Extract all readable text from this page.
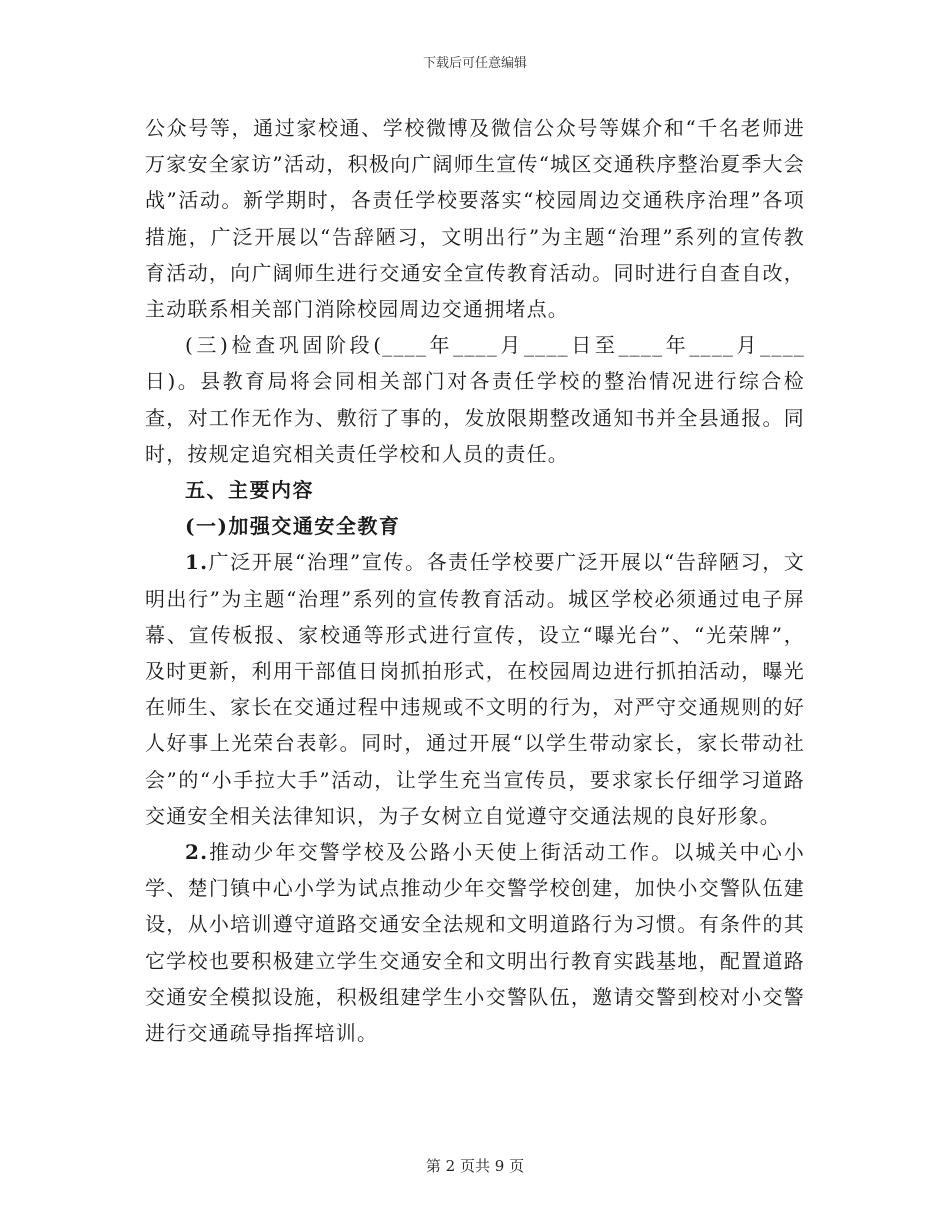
下载后可任意编辑

公众号等，通过家校通、学校微博及微信公众号等媒介和“千名老师进万家安全家访”活动，积极向广阔师生宣传“城区交通秩序整治夏季大会战”活动。新学期时，各责任学校要落实“校园周边交通秩序治理”各项措施，广泛开展以“告辞陋习，文明出行”为主题“治理”系列的宣传教育活动，向广阔师生进行交通安全宣传教育活动。同时进行自查自改，主动联系相关部门消除校园周边交通拥堵点。

(三)检查巩固阶段(____年____月____日至____年____月____日)。县教育局将会同相关部门对各责任学校的整治情况进行综合检查，对工作无作为、敷衍了事的，发放限期整改通知书并全县通报。同时，按规定追究相关责任学校和人员的责任。

五、主要内容

(一)加强交通安全教育

1.广泛开展“治理”宣传。各责任学校要广泛开展以“告辞陋习，文明出行”为主题“治理”系列的宣传教育活动。城区学校必须通过电子屏幕、宣传板报、家校通等形式进行宣传，设立“曝光台”、“光荣牌”，及时更新，利用干部值日岗抓拍形式，在校园周边进行抓拍活动，曝光在师生、家长在交通过程中违规或不文明的行为，对严守交通规则的好人好事上光荣台表彰。同时，通过开展“以学生带动家长，家长带动社会”的“小手拉大手”活动，让学生充当宣传员，要求家长仔细学习道路交通安全相关法律知识，为子女树立自觉遵守交通法规的良好形象。

2.推动少年交警学校及公路小天使上街活动工作。以城关中心小学、楚门镇中心小学为试点推动少年交警学校创建，加快小交警队伍建设，从小培训遵守道路交通安全法规和文明道路行为习惯。有条件的其它学校也要积极建立学生交通安全和文明出行教育实践基地，配置道路交通安全模拟设施，积极组建学生小交警队伍，邀请交警到校对小交警进行交通疏导指挥培训。

第 2 页共 9 页
